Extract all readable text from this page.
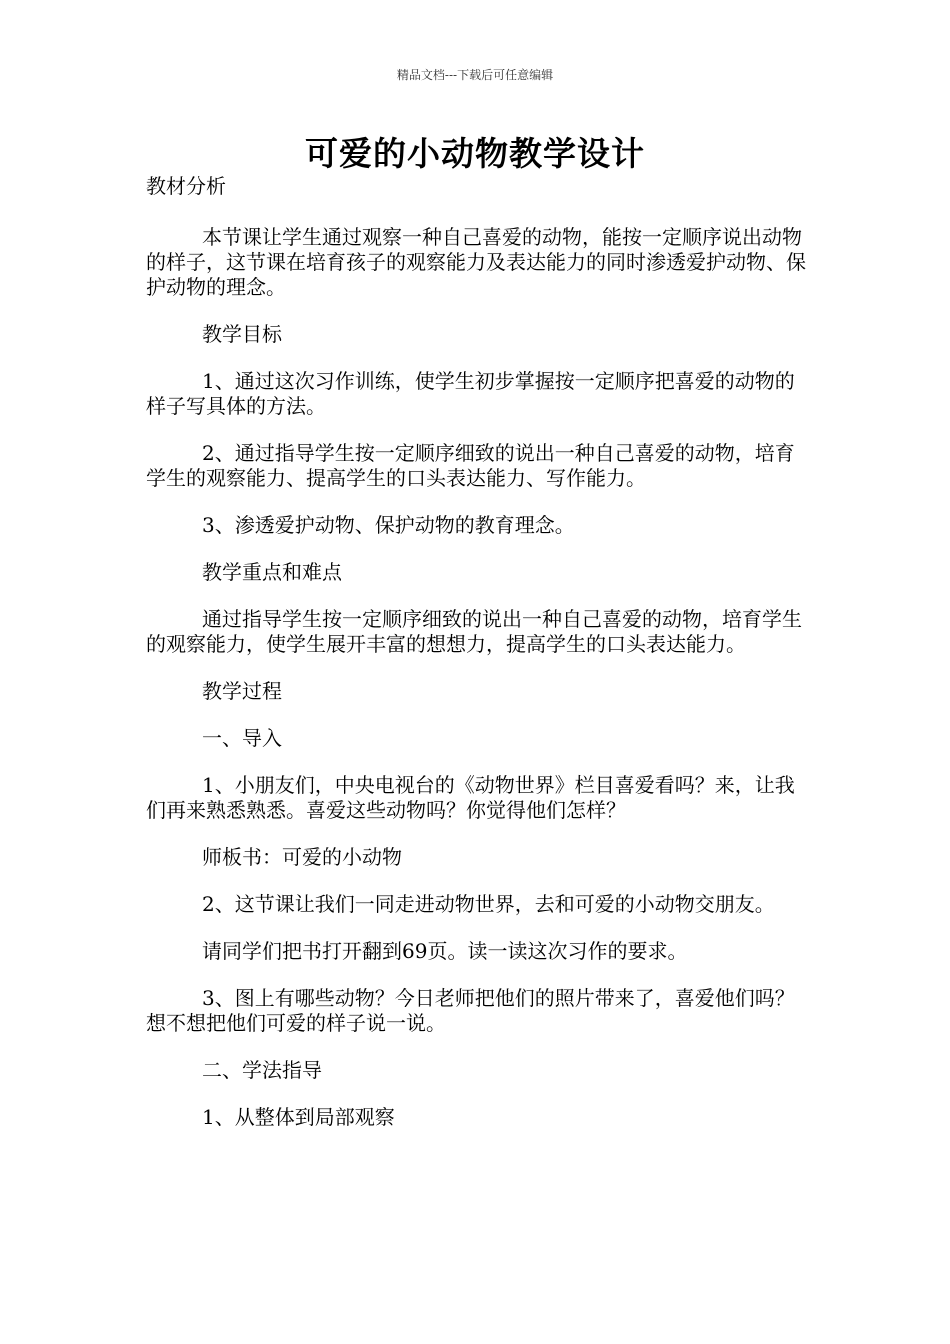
精品文档---下载后可任意编辑
可爱的小动物教学设计

教材分析

本节课让学生通过观察一种自己喜爱的动物，能按一定顺序说出动物的样子，这节课在培育孩子的观察能力及表达能力的同时渗透爱护动物、保护动物的理念。

教学目标

1、通过这次习作训练，使学生初步掌握按一定顺序把喜爱的动物的样子写具体的方法。

2、通过指导学生按一定顺序细致的说出一种自己喜爱的动物，培育学生的观察能力、提高学生的口头表达能力、写作能力。

3、渗透爱护动物、保护动物的教育理念。

教学重点和难点

通过指导学生按一定顺序细致的说出一种自己喜爱的动物，培育学生的观察能力，使学生展开丰富的想想力，提高学生的口头表达能力。

教学过程

一、导入

1、小朋友们，中央电视台的《动物世界》栏目喜爱看吗？来，让我们再来熟悉熟悉。喜爱这些动物吗？你觉得他们怎样？

师板书：可爱的小动物

2、这节课让我们一同走进动物世界，去和可爱的小动物交朋友。

请同学们把书打开翻到69页。读一读这次习作的要求。

3、图上有哪些动物？今日老师把他们的照片带来了，喜爱他们吗？想不想把他们可爱的样子说一说。

二、学法指导

1、从整体到局部观察
